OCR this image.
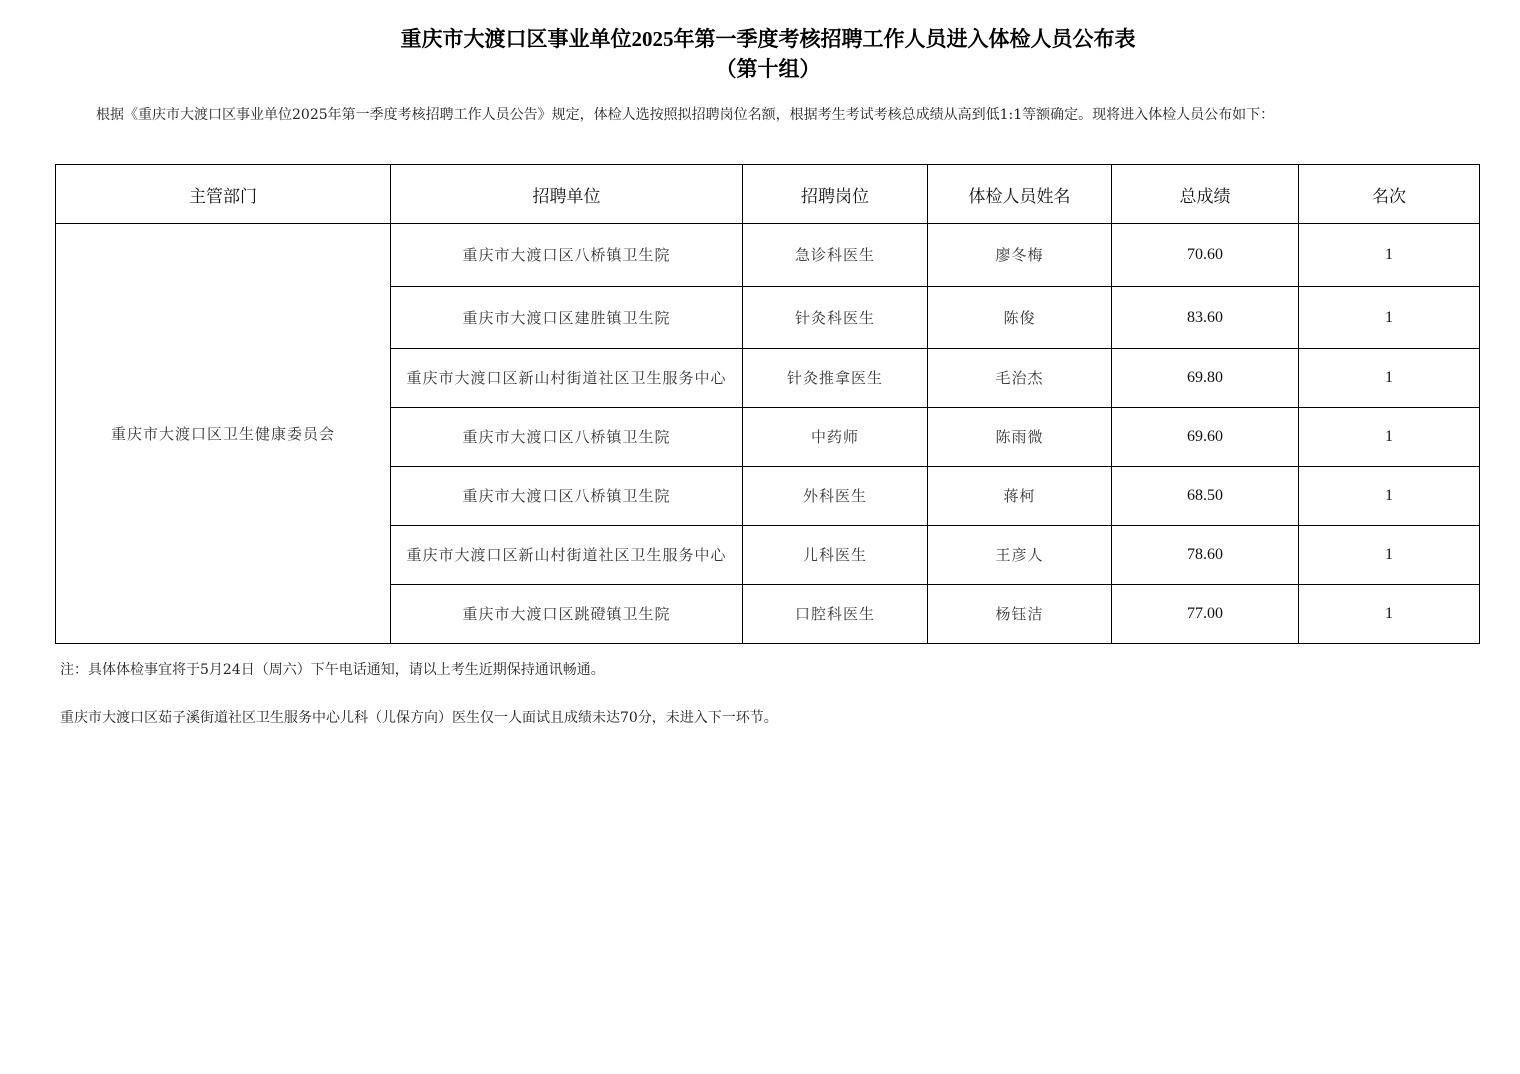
重庆市大渡口区事业单位2025年第一季度考核招聘工作人员进入体检人员公布表
（第十组）
根据《重庆市大渡口区事业单位2025年第一季度考核招聘工作人员公告》规定，体检人选按照拟招聘岗位名额，根据考生考试考核总成绩从高到低1:1等额确定。现将进入体检人员公布如下：
主管部门	招聘单位	招聘岗位	体检人员姓名	总成绩	名次
重庆市大渡口区卫生健康委员会	重庆市大渡口区八桥镇卫生院	急诊科医生	廖冬梅	70.60	1
	重庆市大渡口区建胜镇卫生院	针灸科医生	陈俊	83.60	1
	重庆市大渡口区新山村街道社区卫生服务中心	针灸推拿医生	毛治杰	69.80	1
	重庆市大渡口区八桥镇卫生院	中药师	陈雨微	69.60	1
	重庆市大渡口区八桥镇卫生院	外科医生	蒋柯	68.50	1
	重庆市大渡口区新山村街道社区卫生服务中心	儿科医生	王彦人	78.60	1
	重庆市大渡口区跳磴镇卫生院	口腔科医生	杨钰洁	77.00	1

注：具体体检事宜将于5月24日（周六）下午电话通知，请以上考生近期保持通讯畅通。

重庆市大渡口区茹子溪街道社区卫生服务中心儿科（儿保方向）医生仅一人面试且成绩未达70分，未进入下一环节。
